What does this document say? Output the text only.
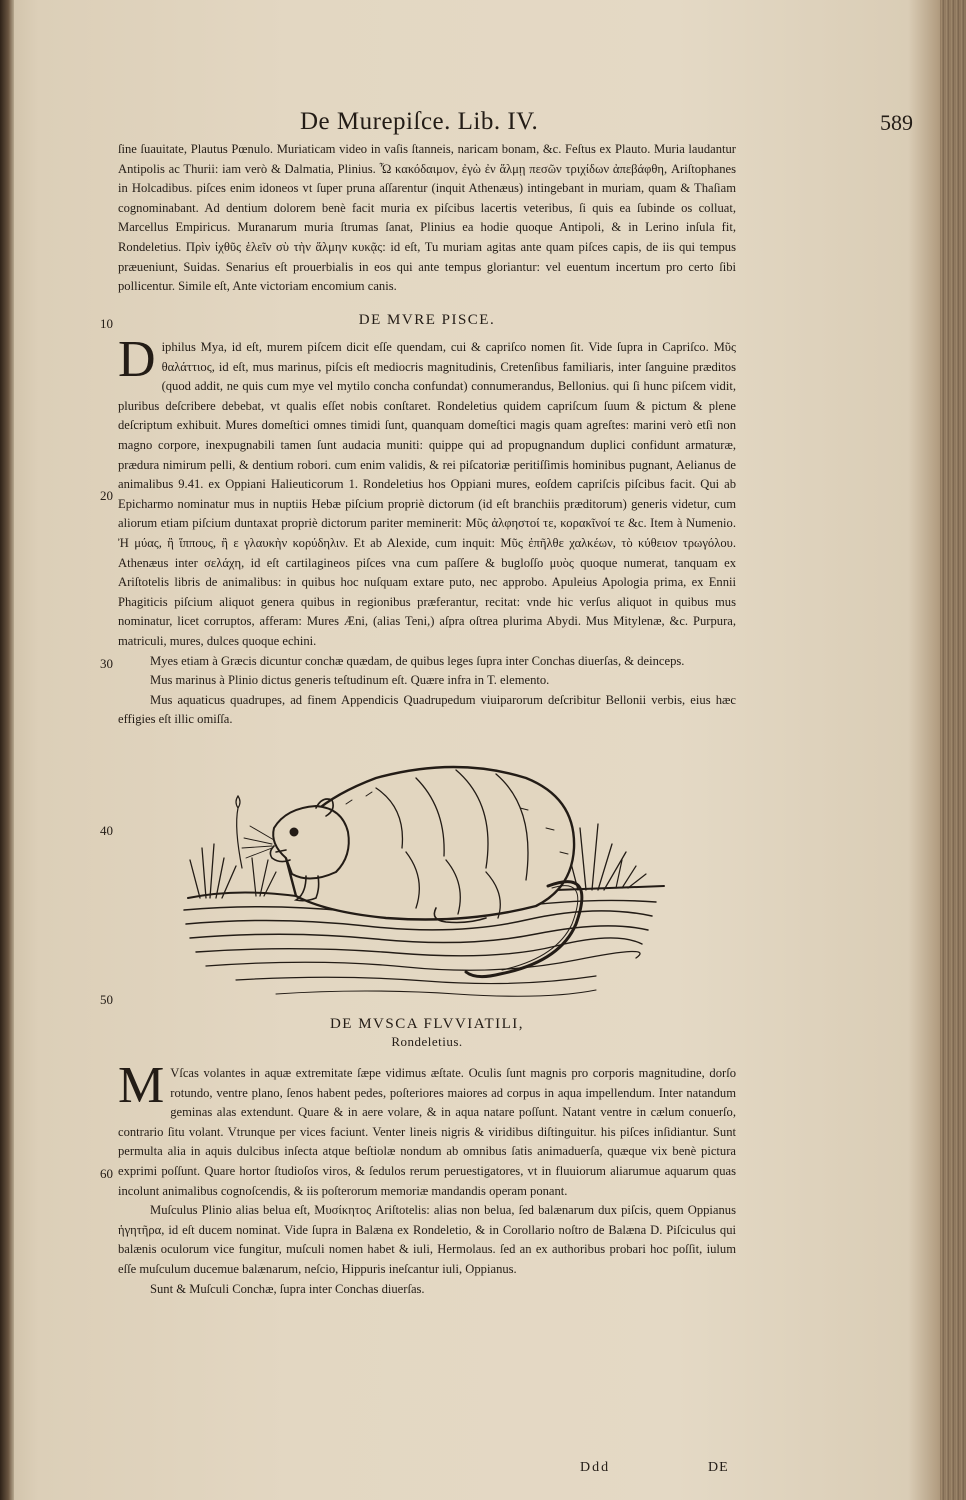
De Murepiſce. Lib. IV.	589

ſine ſuauitate, Plautus Pœnulo. Muriaticam video in vaſis ſtanneis, naricam bonam, &c. Feſtus ex Plauto. Muria laudantur Antipolis ac Thurii: iam verò & Dalmatia, Plinius. Ὦ κακόδαιμον, ἐγὼ ἐν ἅλμῃ πεσῶν τριχίδων ἀπεβάφθη, Ariſtophanes in Holcadibus. piſces enim idoneos vt ſuper pruna aſſarentur (inquit Athenæus) intingebant in muriam, quam & Thaſiam cognominabant. Ad dentium dolorem benè facit muria ex piſcibus lacertis veteribus, ſi quis ea ſubinde os colluat, Marcellus Empiricus. Muranarum muria ſtrumas ſanat, Plinius ea hodie quoque Antipoli, & in Lerino inſula fit, Rondeletius. Πρὶν ἰχθῦς ἑλεῖν σὺ τὴν ἅλμην κυκᾷς: id eſt, Tu muriam agitas ante quam piſces capis, de iis qui tempus præueniunt, Suidas. Senarius eſt prouerbialis in eos qui ante tempus gloriantur: vel euentum incertum pro certo ſibi pollicentur. Simile eſt, Ante victoriam encomium canis.

10	DE MVRE PISCE.

Diphilus Mya, id eſt, murem piſcem dicit eſſe quendam, cui & capriſco nomen ſit. Vide ſupra in Capriſco. Μῦς θαλάττιος, id eſt, mus marinus, piſcis eſt mediocris magnitudinis, Cretenſibus familiaris, inter ſanguine præditos (quod addit, ne quis cum mye vel mytilo concha confundat) connumerandus, Bellonius. qui ſi hunc piſcem vidit, pluribus deſcribere debebat, vt qualis eſſet nobis conſtaret. Rondeletius quidem capriſcum ſuum & pictum & plene deſcriptum exhibuit. Mures domeſtici omnes timidi ſunt, quanquam domeſtici magis quam agreſtes: marini verò etſi non magno corpore, inexpugnabili tamen ſunt audacia muniti: quippe qui ad propugnandum duplici confidunt armaturæ, prædura nimirum pelli, & dentium robori. cum enim validis, & rei piſcatoriæ peritiſſimis hominibus pugnant, Aelianus de animalibus 9.41. ex Oppiani Halieuticorum 1. Rondeletius hos Oppiani mures, eoſdem capriſcis piſcibus facit. Qui ab Epicharmo nominatur mus in nuptiis Hebæ piſcium propriè dictorum (id eſt branchiis præditorum) generis videtur, cum aliorum etiam piſcium duntaxat propriè dictorum pariter meminerit: Μῦς ἀλφηστοί τε, κορακῖνοί τε &c. Item à Numenio. Ἠ μύας, ἢ ἵππους, ἢ ε γλαυκὴν κορύδηλιν. Et ab Alexide, cum inquit: Μῦς ἐπῆλθε χαλκέων, τὸ κύθειον τρωγόλου. Athenæus inter σελάχη, id eſt cartilagineos piſces vna cum paſſere & bugloſſo μυὸς quoque numerat, tanquam ex Ariſtotelis libris de animalibus: in quibus hoc nuſquam extare puto, nec approbo. Apuleius Apologia prima, ex Ennii Phagiticis piſcium aliquot genera quibus in regionibus præferantur, recitat: vnde hic verſus aliquot in quibus mus nominatur, licet corruptos, afferam: Mures Æni, (alias Teni,) aſpra oſtrea plurima Abydi. Mus Mitylenæ, &c. Purpura, matriculi, mures, dulces quoque echini.

Myes etiam à Græcis dicuntur conchæ quædam, de quibus leges ſupra inter Conchas diuerſas, & deinceps.

Mus marinus à Plinio dictus generis teſtudinum eſt. Quære infra in T. elemento.

Mus aquaticus quadrupes, ad finem Appendicis Quadrupedum viuiparorum deſcribitur Bellonii verbis, eius hæc effigies eſt illic omiſſa.

20
30
40
50
60
DE MVSCA FLVVIATILI,
Rondeletius.

M Vſcas volantes in aquæ extremitate ſæpe vidimus æſtate. Oculis ſunt magnis pro corporis magnitudine, dorſo rotundo, ventre plano, ſenos habent pedes, poſteriores maiores ad corpus in aqua impellendum. Inter natandum geminas alas extendunt. Quare & in aere volare, & in aqua natare poſſunt. Natant ventre in cælum conuerſo, contrario ſitu volant. Vtrunque per vices faciunt. Venter lineis nigris & viridibus diſtinguitur. his piſces inſidiantur. Sunt permulta alia in aquis dulcibus inſecta atque beſtiolæ nondum ab omnibus ſatis animaduerſa, quæque vix benè pictura exprimi poſſunt. Quare hortor ſtudioſos viros, & ſedulos rerum peruestigatores, vt in fluuiorum aliarumue aquarum quas incolunt animalibus cognoſcendis, & iis poſterorum memoriæ mandandis operam ponant.

Muſculus Plinio alias belua eſt, Μυσίκητος Ariſtotelis: alias non belua, ſed balænarum dux piſcis, quem Oppianus ἡγητῆρα, id eſt ducem nominat. Vide ſupra in Balæna ex Rondeletio, & in Corollario noſtro de Balæna D. Piſciculus qui balænis oculorum vice fungitur, muſculi nomen habet & iuli, Hermolaus. ſed an ex authoribus probari hoc poſſit, iulum eſſe muſculum ducemue balænarum, neſcio, Hippuris ineſcantur iuli, Oppianus.

Sunt & Muſculi Conchæ, ſupra inter Conchas diuerſas.

Ddd	DE
